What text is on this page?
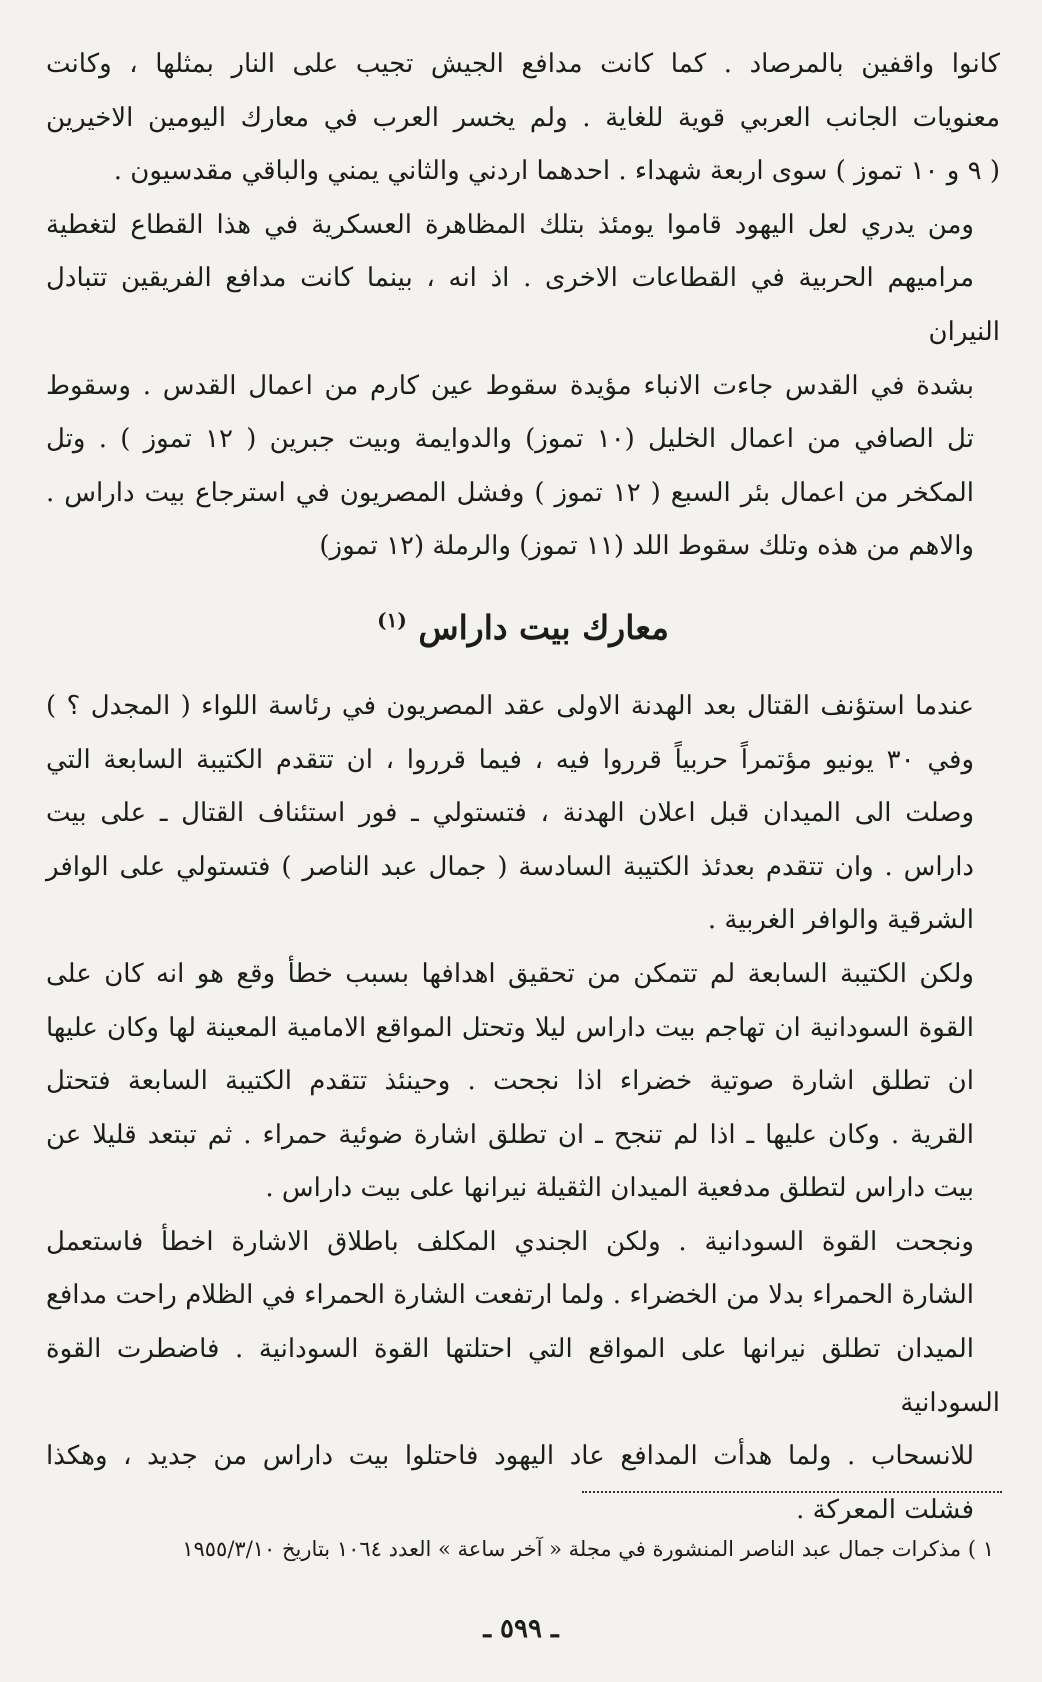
كانوا واقفين بالمرصاد . كما كانت مدافع الجيش تجيب على النار بمثلها ، وكانت
معنويات الجانب العربي قوية للغاية . ولم يخسر العرب في معارك اليومين الاخيرين
( ٩ و ١٠ تموز ) سوى اربعة شهداء . احدهما اردني والثاني يمني والباقي مقدسيون .

ومن يدري لعل اليهود قاموا يومئذ بتلك المظاهرة العسكرية في هذا القطاع لتغطية
مراميهم الحربية في القطاعات الاخرى . اذ انه ، بينما كانت مدافع الفريقين تتبادل النيران
بشدة في القدس جاءت الانباء مؤيدة سقوط عين كارم من اعمال القدس . وسقوط
تل الصافي من اعمال الخليل (١٠ تموز) والدوايمة وبيت جبرين ( ١٢ تموز ) . وتل
المكخر من اعمال بئر السبع ( ١٢ تموز ) وفشل المصريون في استرجاع بيت داراس .
والاهم من هذه وتلك سقوط اللد (١١ تموز) والرملة (١٢ تموز)

معارك بيت داراس $^{(١)}$

عندما استؤنف القتال بعد الهدنة الاولى عقد المصريون في رئاسة اللواء ( المجدل ؟ )
وفي ٣٠ يونيو مؤتمراً حربياً قرروا فيه ، فيما قرروا ، ان تتقدم الكتيبة السابعة التي
وصلت الى الميدان قبل اعلان الهدنة ، فتستولي ـ فور استئناف القتال ـ على بيت
داراس . وان تتقدم بعدئذ الكتيبة السادسة ( جمال عبد الناصر ) فتستولي على الوافر
الشرقية والوافر الغربية .

ولكن الكتيبة السابعة لم تتمكن من تحقيق اهدافها بسبب خطأ وقع هو انه كان على
القوة السودانية ان تهاجم بيت داراس ليلا وتحتل المواقع الامامية المعينة لها وكان عليها
ان تطلق اشارة صوتية خضراء اذا نجحت . وحينئذ تتقدم الكتيبة السابعة فتحتل
القرية . وكان عليها ـ اذا لم تنجح ـ ان تطلق اشارة ضوئية حمراء . ثم تبتعد قليلا عن
بيت داراس لتطلق مدفعية الميدان الثقيلة نيرانها على بيت داراس .

ونجحت القوة السودانية . ولكن الجندي المكلف باطلاق الاشارة اخطأ فاستعمل
الشارة الحمراء بدلا من الخضراء . ولما ارتفعت الشارة الحمراء في الظلام راحت مدافع
الميدان تطلق نيرانها على المواقع التي احتلتها القوة السودانية . فاضطرت القوة السودانية
للانسحاب . ولما هدأت المدافع عاد اليهود فاحتلوا بيت داراس من جديد ، وهكذا
فشلت المعركة .

١ ) مذكرات جمال عبد الناصر المنشورة في مجلة « آخر ساعة » العدد ١٠٦٤ بتاريخ ١٩٥٥/٣/١٠
ـ ٥٩٩ ـ
